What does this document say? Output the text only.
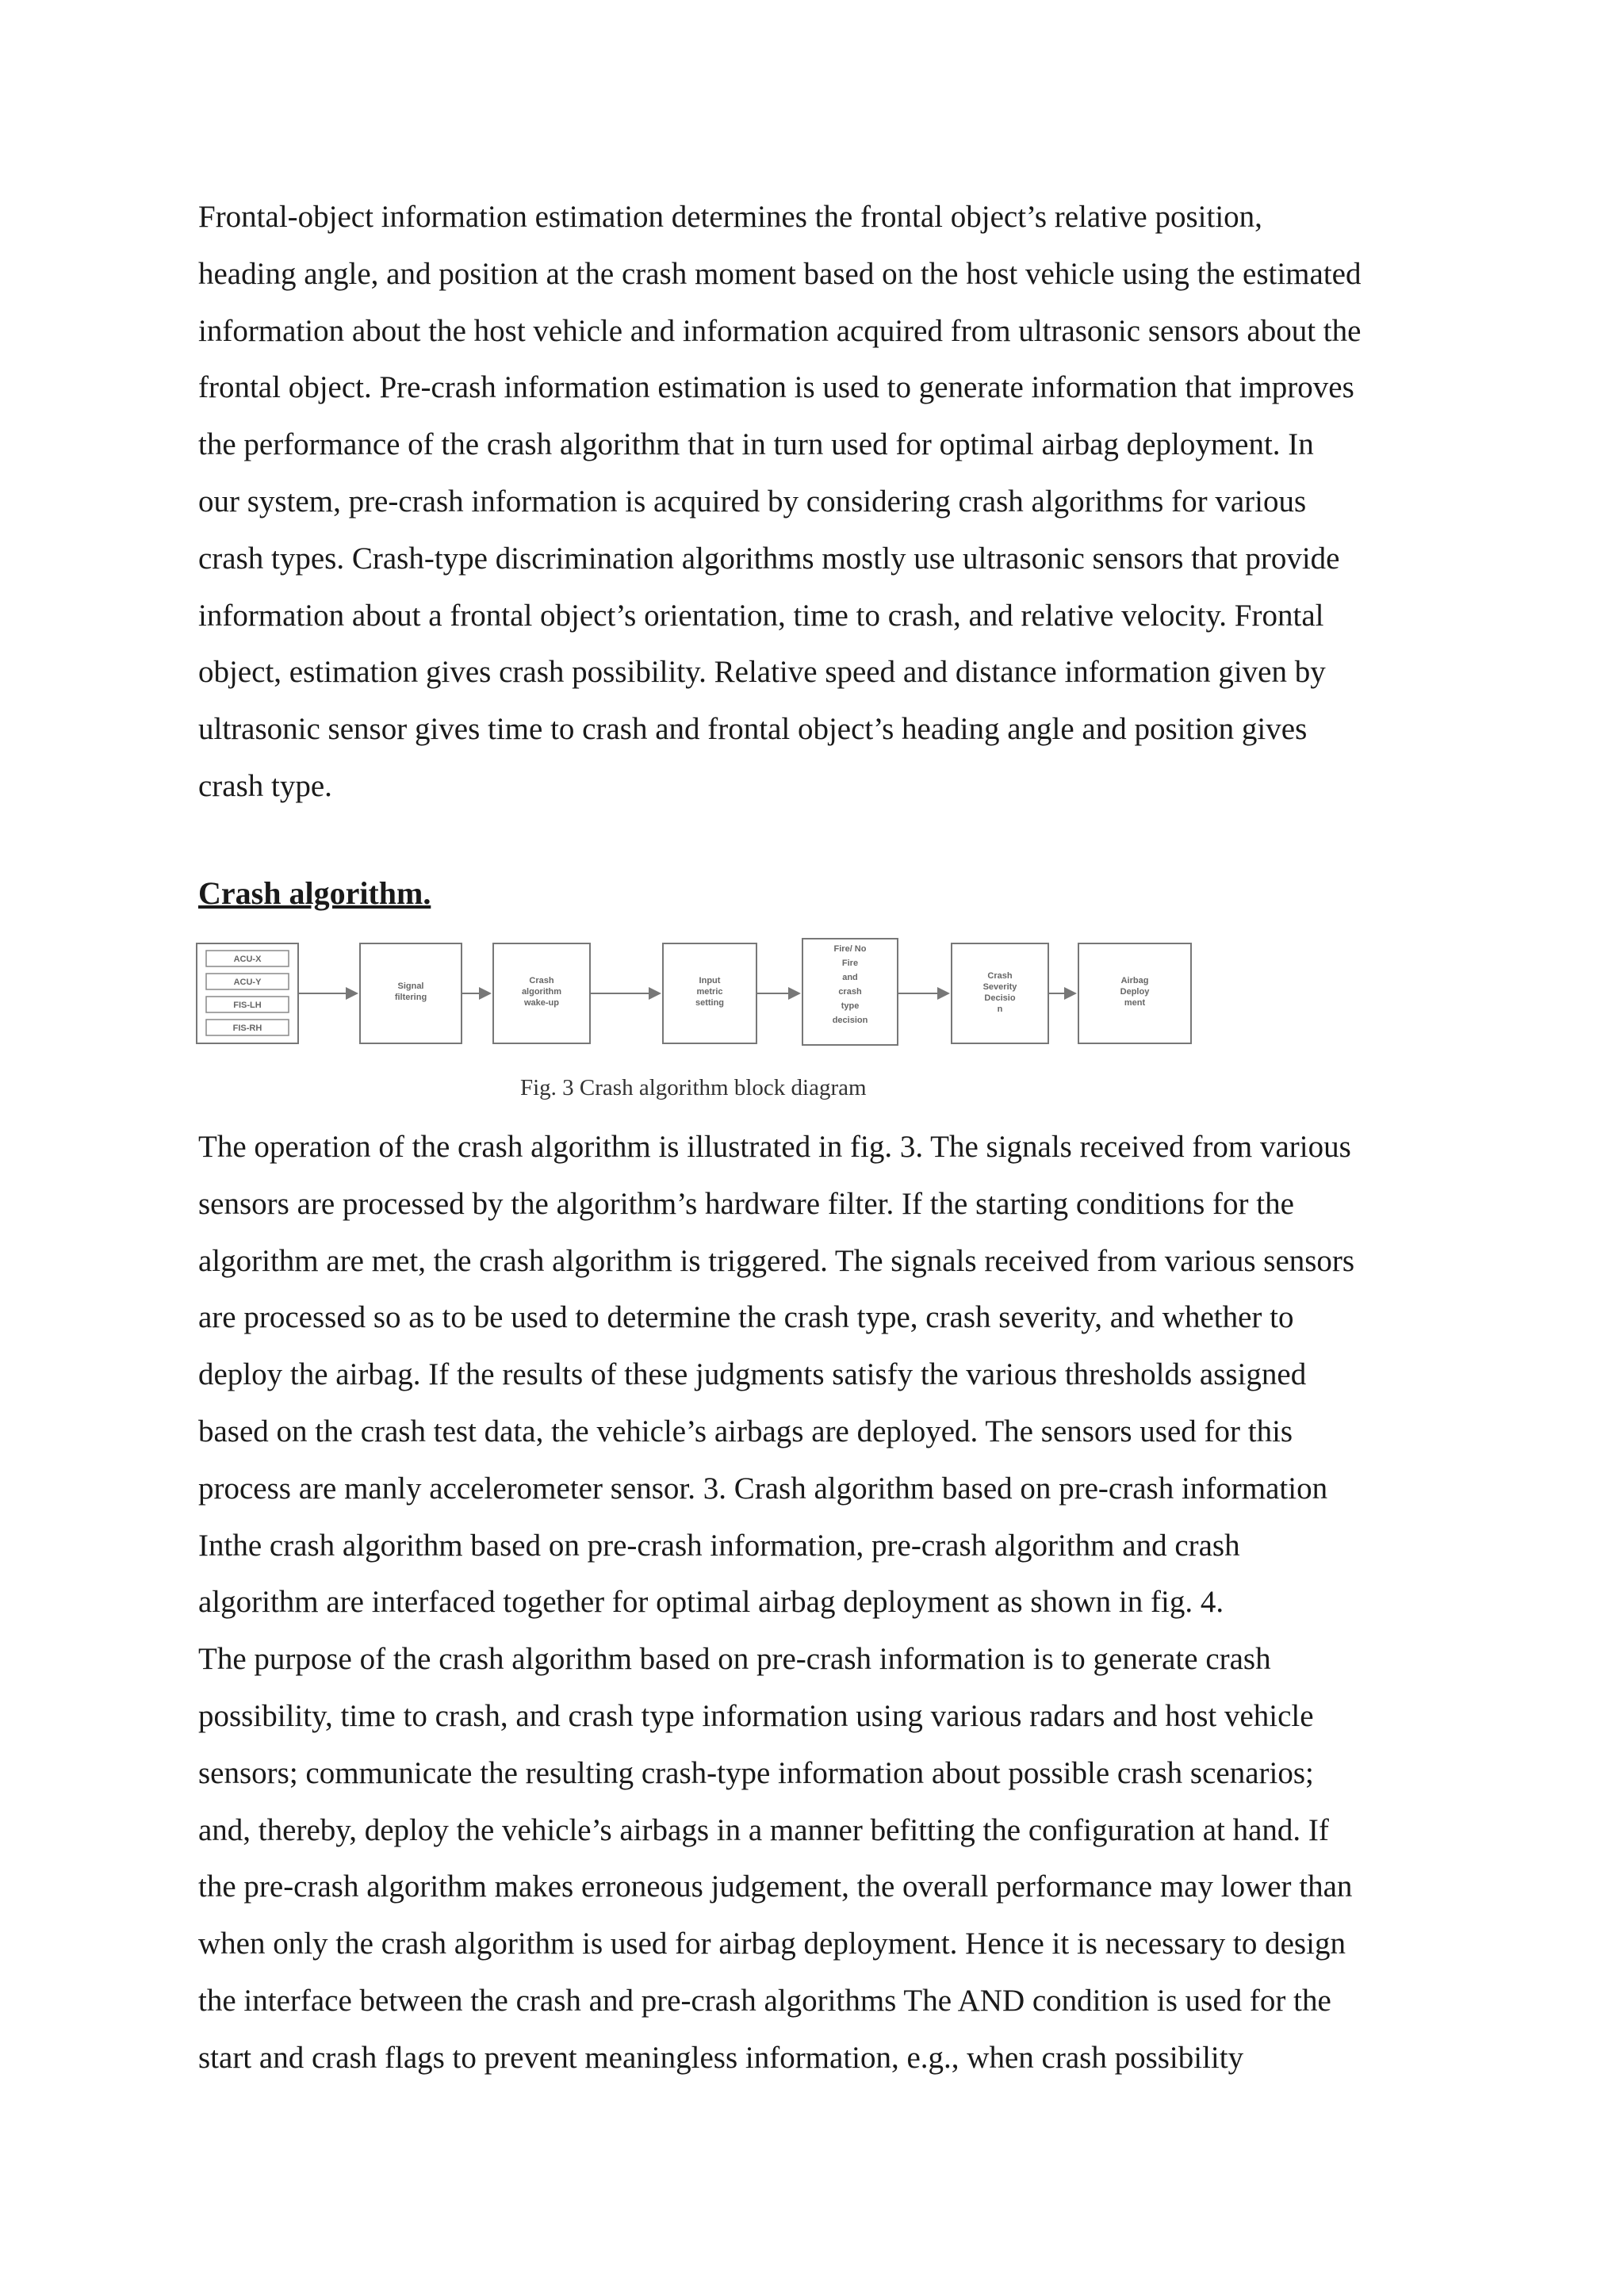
Frontal-object information estimation determines the frontal object’s relative position,
heading angle, and position at the crash moment based on the host vehicle using the estimated
information about the host vehicle and information acquired from ultrasonic sensors about the
frontal object. Pre-crash information estimation is used to generate information that improves
the performance of the crash algorithm that in turn used for optimal airbag deployment. In
our system, pre-crash information is acquired by considering crash algorithms for various
crash types. Crash-type discrimination algorithms mostly use ultrasonic sensors that provide
information about a frontal object’s orientation, time to crash, and relative velocity. Frontal
object, estimation gives crash possibility. Relative speed and distance information given by
ultrasonic sensor gives time to crash and frontal object’s heading angle and position gives
crash type.
Crash algorithm.
ACU-X
ACU-Y
FIS-LH
FIS-RH
Signal
filtering
Crash
algorithm
wake-up
Input
metric
setting
Fire/ No
Fire
and
crash
type
decision
Crash
Severity
Decisio
n
Airbag
Deploy
ment

Fig. 3 Crash algorithm block diagram

The operation of the crash algorithm is illustrated in fig. 3. The signals received from various
sensors are processed by the algorithm’s hardware filter. If the starting conditions for the
algorithm are met, the crash algorithm is triggered. The signals received from various sensors
are processed so as to be used to determine the crash type, crash severity, and whether to
deploy the airbag. If the results of these judgments satisfy the various thresholds assigned
based on the crash test data, the vehicle’s airbags are deployed. The sensors used for this
process are manly accelerometer sensor. 3. Crash algorithm based on pre-crash information
Inthe crash algorithm based on pre-crash information, pre-crash algorithm and crash
algorithm are interfaced together for optimal airbag deployment as shown in fig. 4.
The purpose of the crash algorithm based on pre-crash information is to generate crash
possibility, time to crash, and crash type information using various radars and host vehicle
sensors; communicate the resulting crash-type information about possible crash scenarios;
and, thereby, deploy the vehicle’s airbags in a manner befitting the configuration at hand. If
the pre-crash algorithm makes erroneous judgement, the overall performance may lower than
when only the crash algorithm is used for airbag deployment. Hence it is necessary to design
the interface between the crash and pre-crash algorithms The AND condition is used for the
start and crash flags to prevent meaningless information, e.g., when crash possibility
